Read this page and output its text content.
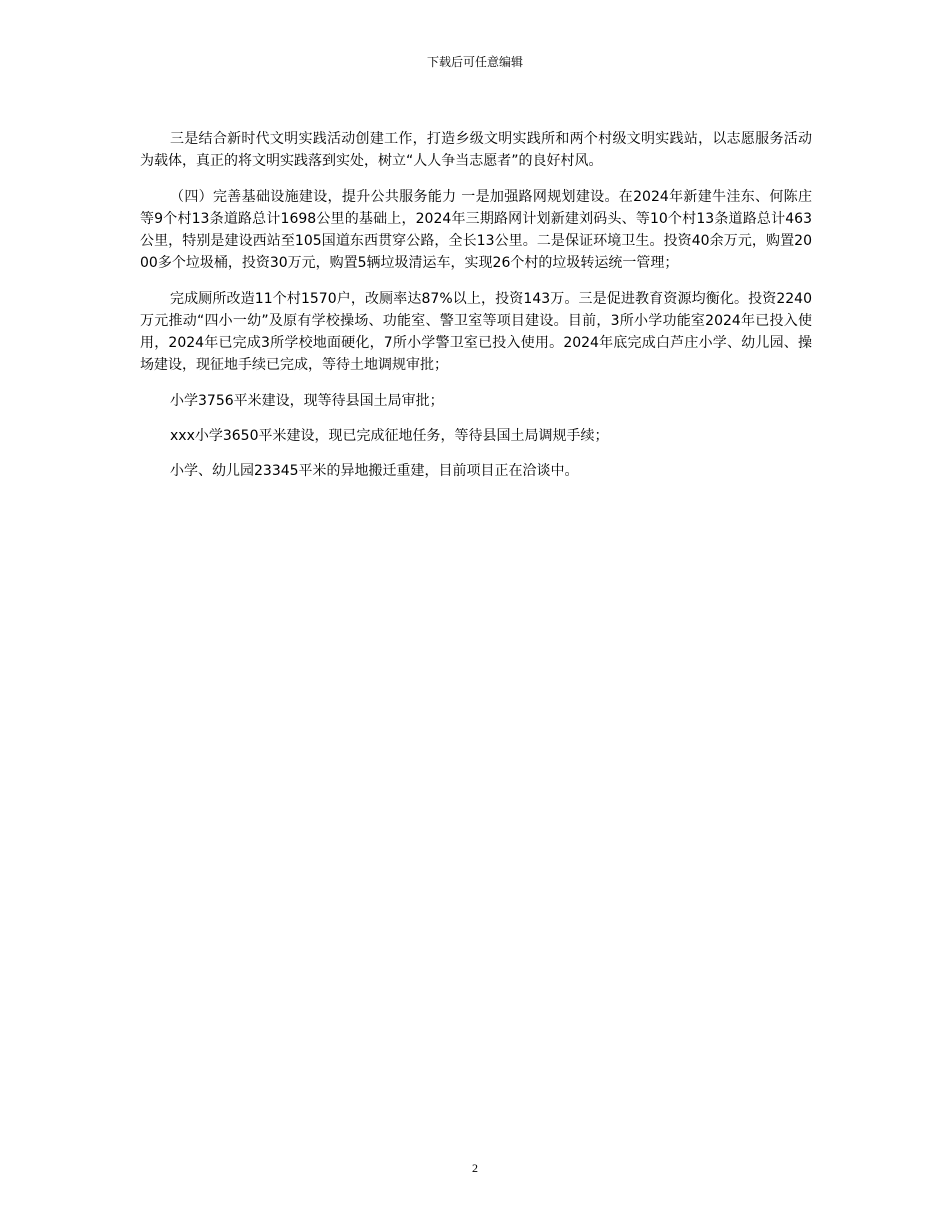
下载后可任意编辑

三是结合新时代文明实践活动创建工作，打造乡级文明实践所和两个村级文明实践站，以志愿服务活动为载体，真正的将文明实践落到实处，树立“人人争当志愿者”的良好村风。

（四）完善基础设施建设，提升公共服务能力 一是加强路网规划建设。在2024年新建牛洼东、何陈庄等9个村13条道路总计1698公里的基础上，2024年三期路网计划新建刘码头、等10个村13条道路总计463公里，特别是建设西站至105国道东西贯穿公路，全长13公里。二是保证环境卫生。投资40余万元，购置2000多个垃圾桶，投资30万元，购置5辆垃圾清运车，实现26个村的垃圾转运统一管理；

完成厕所改造11个村1570户，改厕率达87%以上，投资143万。三是促进教育资源均衡化。投资2240万元推动“四小一幼”及原有学校操场、功能室、警卫室等项目建设。目前，3所小学功能室2024年已投入使用，2024年已完成3所学校地面硬化，7所小学警卫室已投入使用。2024年底完成白芦庄小学、幼儿园、操场建设，现征地手续已完成，等待土地调规审批；

小学3756平米建设，现等待县国土局审批；

xxx小学3650平米建设，现已完成征地任务，等待县国土局调规手续；

小学、幼儿园23345平米的异地搬迁重建，目前项目正在洽谈中。

2
